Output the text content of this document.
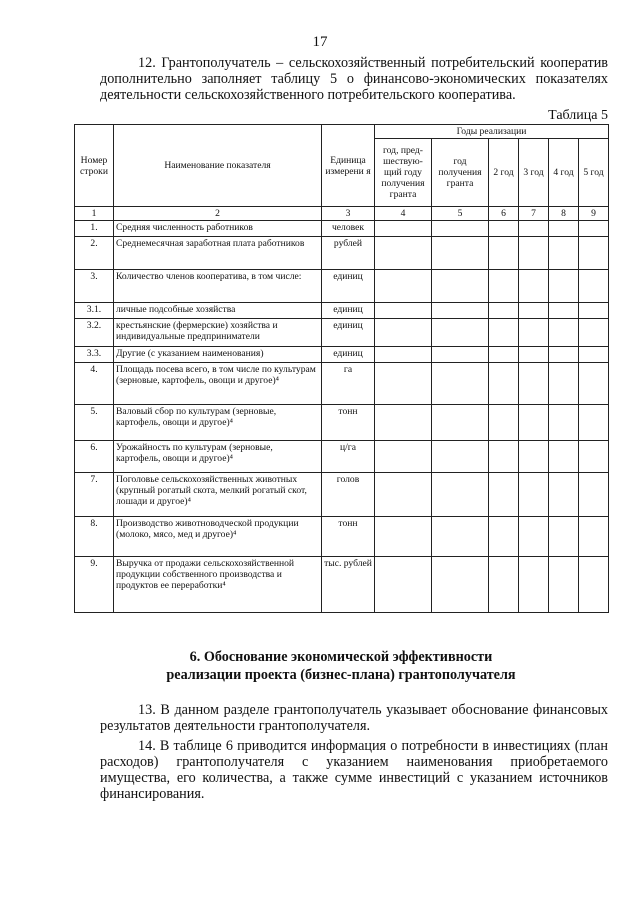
17
12. Грантополучатель – сельскохозяйственный потребительский кооператив дополнительно заполняет таблицу 5 о финансово-экономических показателях деятельности сельскохозяйственного потребительского кооператива.
Таблица 5
Номер строки	Наименование показателя	Единица измерени я	Годы реализации					
			год, пред-шествую-щий году получения гранта	год получения гранта	2 год	3 год	4 год	5 год
1	2	3	4	5	6	7	8	9
1.	Средняя численность работников	человек						
2.	Среднемесячная заработная плата работников	рублей						
3.	Количество членов кооператива, в том числе:	единиц						
3.1.	личные подсобные хозяйства	единиц						
3.2.	крестьянские (фермерские) хозяйства и индивидуальные предприниматели	единиц						
3.3.	Другие (с указанием наименования)	единиц						
4.	Площадь посева всего, в том числе по культурам (зерновые, картофель, овощи и другое)⁴	га						
5.	Валовый сбор по культурам (зерновые, картофель, овощи и другое)⁴	тонн						
6.	Урожайность по культурам (зерновые, картофель, овощи и другое)⁴	ц/га						
7.	Поголовье сельскохозяйственных животных (крупный рогатый скота, мелкий рогатый скот, лошади и другое)⁴	голов						
8.	Производство животноводческой продукции (молоко, мясо, мед и другое)⁴	тонн						
9.	Выручка от продажи сельскохозяйственной продукции собственного производства и продуктов ее переработки⁴	тыс. рублей						
6. Обоснование экономической эффективности
реализации проекта (бизнес-плана) грантополучателя
13. В данном разделе грантополучатель указывает обоснование финансовых результатов деятельности грантополучателя.
14. В таблице 6 приводится информация о потребности в инвестициях (план расходов) грантополучателя с указанием наименования приобретаемого имущества, его количества, а также сумме инвестиций с указанием источников финансирования.
